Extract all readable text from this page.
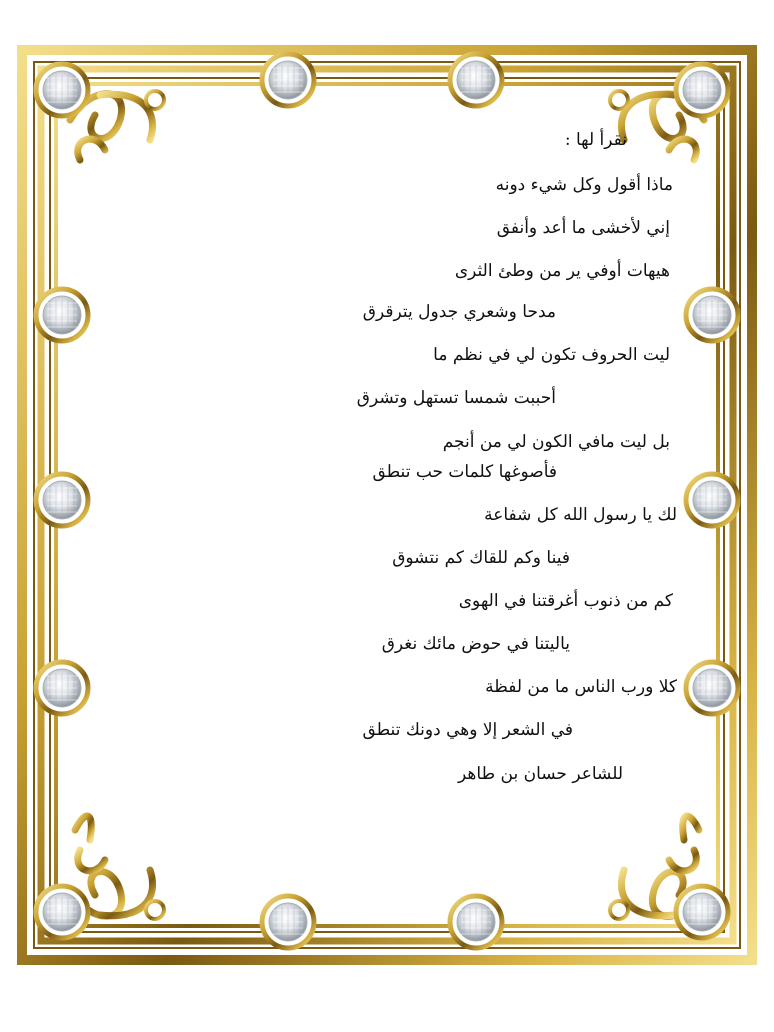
نقرأ لها :
ماذا أقول وكل شيء دونه
إني لأخشى ما أعد وأنفق
هيهات أوفي ير من وطئ الثرى
مدحا وشعري جدول يترقرق
ليت الحروف تكون لي في نظم ما
أحببت شمسا تستهل وتشرق
بل ليت مافي الكون لي من أنجم
فأصوغها كلمات حب تنطق
لك يا رسول الله كل شفاعة
فينا وكم للقاك كم نتشوق
كم من ذنوب أغرقتنا في الهوى
ياليتنا في حوض مائك نغرق
كلا ورب الناس ما من لفظة
في الشعر إلا وهي دونك تنطق
للشاعر حسان بن طاهر
